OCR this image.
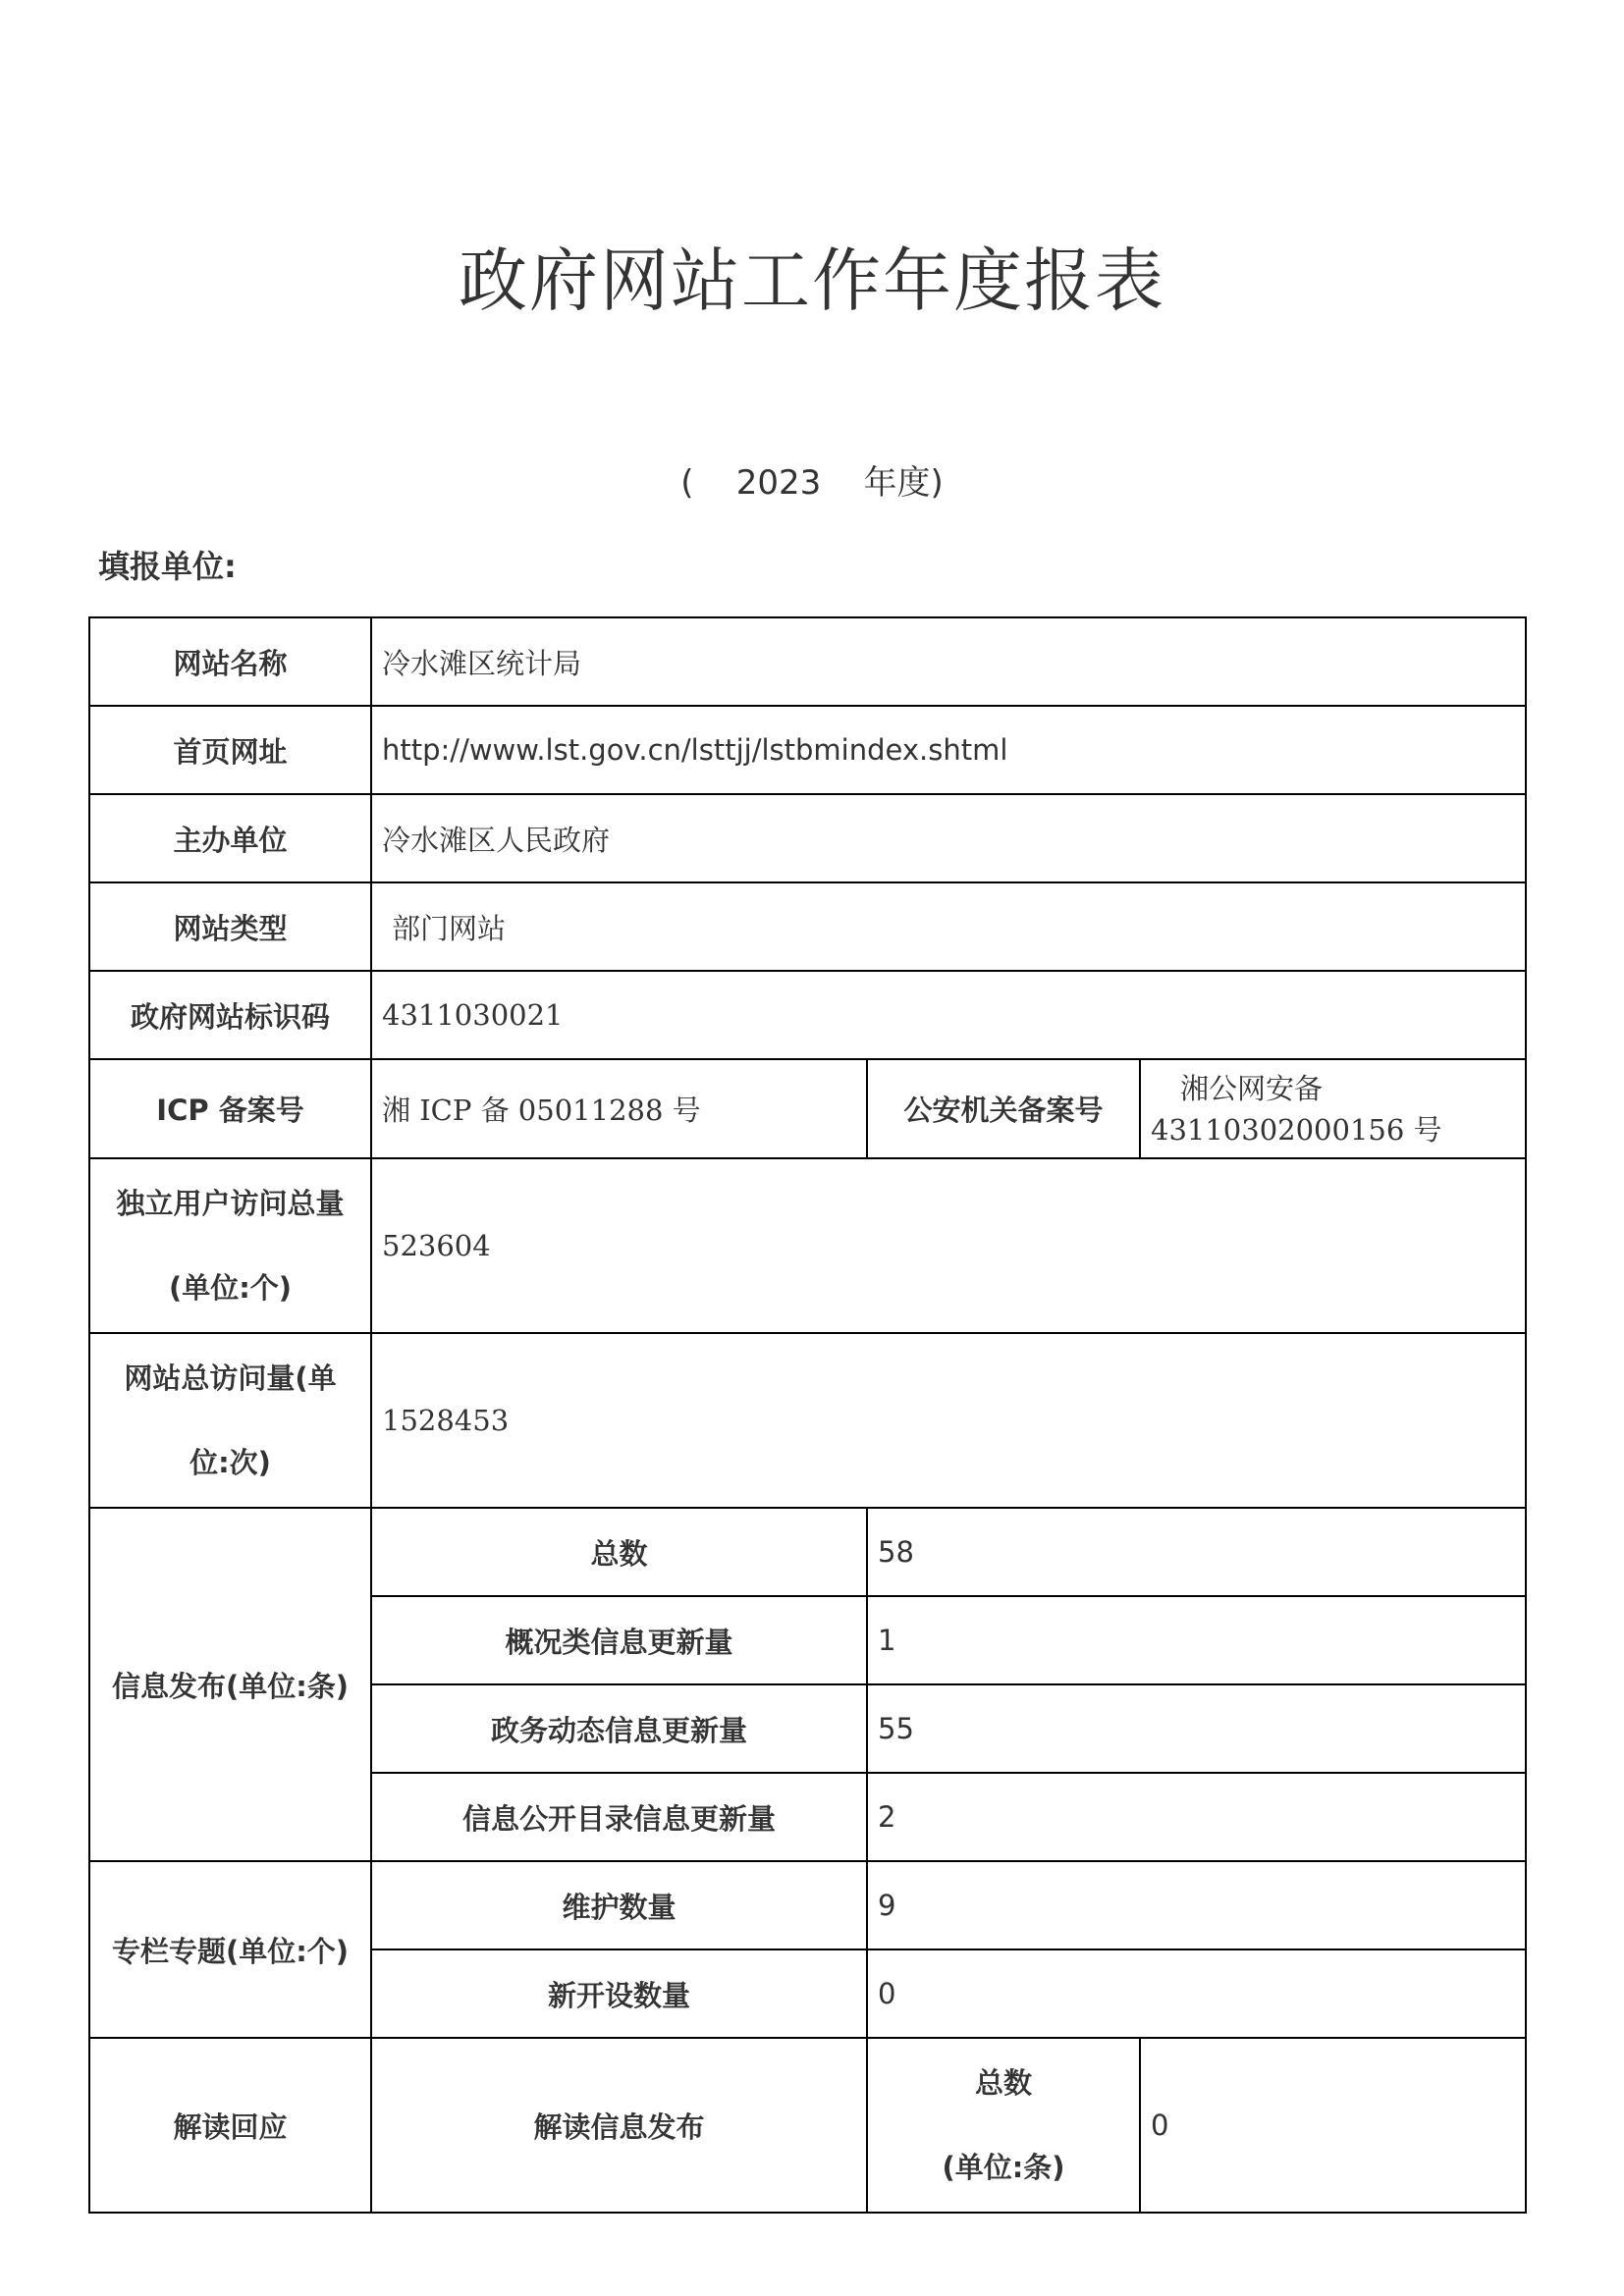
政府网站工作年度报表
(    2023    年度)
填报单位:
网站名称	冷水滩区统计局		
首页网址	http://www.lst.gov.cn/lsttjj/lstbmindex.shtml		
主办单位	冷水滩区人民政府		
网站类型	部门网站		
政府网站标识码	4311030021		
ICP 备案号	湘 ICP 备 05011288 号	公安机关备案号	湘公网安备
43110302000156 号

独立用户访问总量
(单位:个)	523604		

网站总访问量(单
位:次)	1528453		
信息发布(单位:条)	总数	58	
	概况类信息更新量	1	
	政务动态信息更新量	55	
	信息公开目录信息更新量	2	
专栏专题(单位:个)	维护数量	9	
	新开设数量	0	
解读回应	解读信息发布	总数
(单位:条)	0
